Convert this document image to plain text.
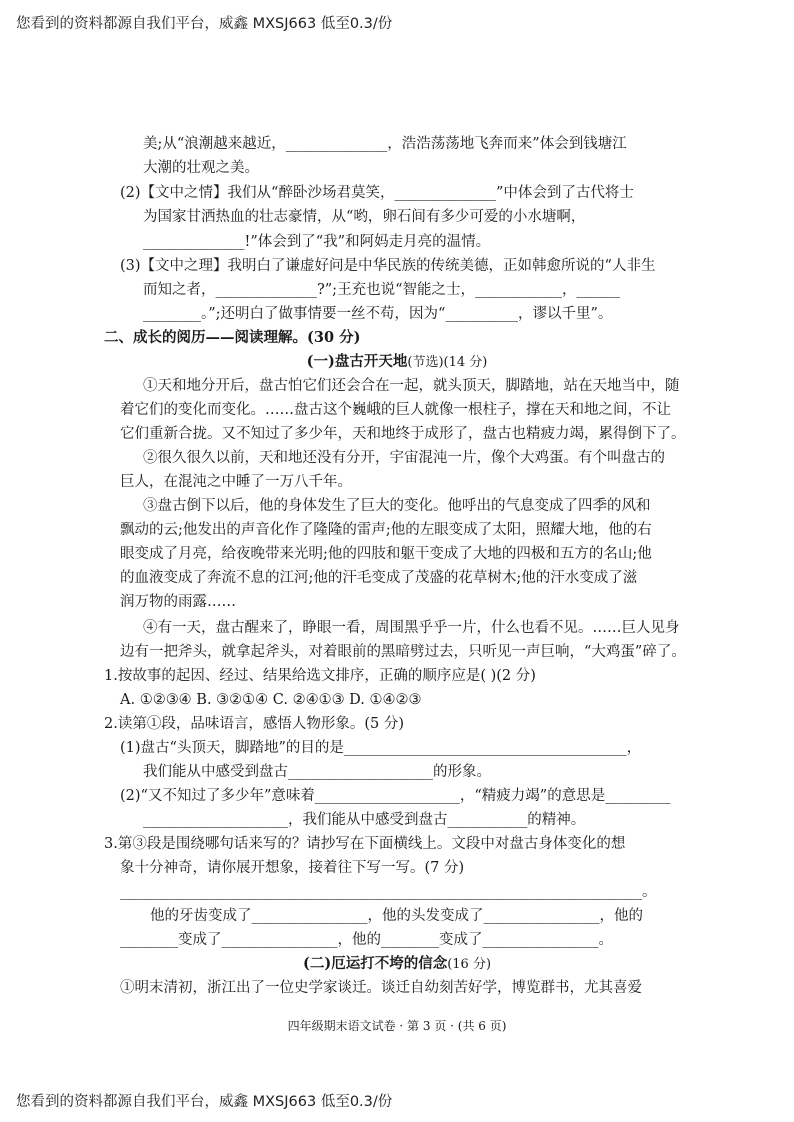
您看到的资料都源自我们平台，威鑫 MXSJ663 低至0.3/份
美;从“浪潮越来越近，______________，浩浩荡荡地飞奔而来”体会到钱塘江
大潮的壮观之美。
(2)【文中之情】我们从“醉卧沙场君莫笑，______________”中体会到了古代将士
为国家甘洒热血的壮志豪情，从“哟，卵石间有多少可爱的小水塘啊，
______________!”体会到了“我”和阿妈走月亮的温情。
(3)【文中之理】我明白了谦虚好问是中华民族的传统美德，正如韩愈所说的“人非生
而知之者，______________?”;王充也说“智能之士，____________，______
________。”;还明白了做事情要一丝不苟，因为“__________，谬以千里”。
二、成长的阅历——阅读理解。(30 分)
(一)盘古开天地(节选)(14 分)
①天和地分开后，盘古怕它们还会合在一起，就头顶天，脚踏地，站在天地当中，随
着它们的变化而变化。……盘古这个巍峨的巨人就像一根柱子，撑在天和地之间，不让
它们重新合拢。又不知过了多少年，天和地终于成形了，盘古也精疲力竭，累得倒下了。
②很久很久以前，天和地还没有分开，宇宙混沌一片，像个大鸡蛋。有个叫盘古的
巨人，在混沌之中睡了一万八千年。
③盘古倒下以后，他的身体发生了巨大的变化。他呼出的气息变成了四季的风和
飘动的云;他发出的声音化作了隆隆的雷声;他的左眼变成了太阳，照耀大地，他的右
眼变成了月亮，给夜晚带来光明;他的四肢和躯干变成了大地的四极和五方的名山;他
的血液变成了奔流不息的江河;他的汗毛变成了茂盛的花草树木;他的汗水变成了滋
润万物的雨露……
④有一天，盘古醒来了，睁眼一看，周围黑乎乎一片，什么也看不见。……巨人见身
边有一把斧头，就拿起斧头，对着眼前的黑暗劈过去，只听见一声巨响，“大鸡蛋”碎了。
1.按故事的起因、经过、结果给选文排序，正确的顺序应是( )(2 分)
A. ①②③④ B. ③②①④ C. ②④①③ D. ①④②③
2.读第①段，品味语言，感悟人物形象。(5 分)
(1)盘古“头顶天，脚踏地”的目的是_______________________________________，
我们能从中感受到盘古____________________的形象。
(2)“又不知过了多少年”意味着____________________，“精疲力竭”的意思是_________
____________________，我们能从中感受到盘古___________的精神。
3.第③段是围绕哪句话来写的？请抄写在下面横线上。文段中对盘古身体变化的想
象十分神奇，请你展开想象，接着往下写一写。(7 分)
________________________________________________________________________。
他的牙齿变成了________________，他的头发变成了________________，他的
________变成了________________，他的________变成了________________。
(二)厄运打不垮的信念(16 分)
①明末清初，浙江出了一位史学家谈迁。谈迁自幼刻苦好学，博览群书，尤其喜爱
四年级期末语文试卷 · 第 3 页 · (共 6 页)
您看到的资料都源自我们平台，威鑫 MXSJ663 低至0.3/份
